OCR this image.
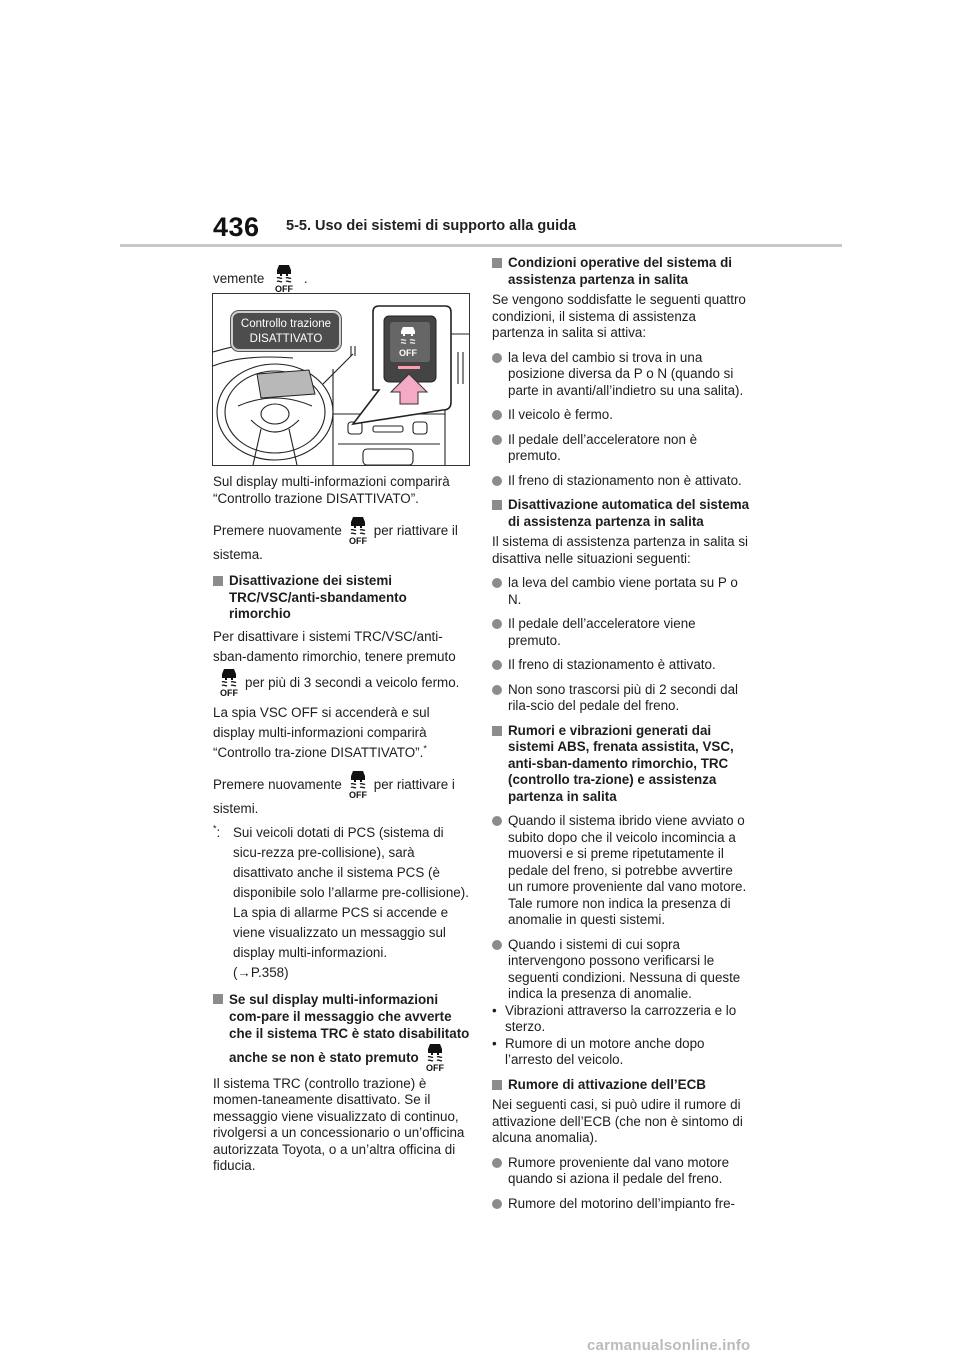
436 5-5. Uso dei sistemi di supporto alla guida

vemente
OFF
.

OFF
Controllo trazione
DISATTIVATO

Sul display multi-informazioni comparirà “Controllo trazione DISATTIVATO”.

Premere nuovamente
OFF
per riattivare il sistema.

Disattivazione dei sistemi TRC/VSC/anti-sbandamento rimorchio

Per disattivare i sistemi TRC/VSC/anti-sban-damento rimorchio, tenere premuto
OFF
per più di 3 secondi a veicolo fermo.

La spia VSC OFF si accenderà e sul display multi-informazioni comparirà “Controllo tra-zione DISATTIVATO”.*

Premere nuovamente
OFF
per riattivare i sistemi.

*: Sui veicoli dotati di PCS (sistema di sicu-rezza pre-collisione), sarà disattivato anche il sistema PCS (è disponibile solo l’allarme pre-collisione). La spia di allarme PCS si accende e viene visualizzato un messaggio sul display multi-informazioni.
(→P.358)
Se sul display multi-informazioni com-pare il messaggio che avverte che il sistema TRC è stato disabilitato anche se non è stato premuto
OFF

Il sistema TRC (controllo trazione) è momen-taneamente disattivato. Se il messaggio viene visualizzato di continuo, rivolgersi a un concessionario o un’officina autorizzata Toyota, o a un’altra officina di fiducia.

Condizioni operative del sistema di assistenza partenza in salita

Se vengono soddisfatte le seguenti quattro condizioni, il sistema di assistenza partenza in salita si attiva:

la leva del cambio si trova in una posizione diversa da P o N (quando si parte in avanti/all’indietro su una salita).
Il veicolo è fermo.
Il pedale dell’acceleratore non è premuto.
Il freno di stazionamento non è attivato.
Disattivazione automatica del sistema di assistenza partenza in salita

Il sistema di assistenza partenza in salita si disattiva nelle situazioni seguenti:

la leva del cambio viene portata su P o N.
Il pedale dell’acceleratore viene premuto.
Il freno di stazionamento è attivato.
Non sono trascorsi più di 2 secondi dal rila-scio del pedale del freno.
Rumori e vibrazioni generati dai sistemi ABS, frenata assistita, VSC, anti-sban-damento rimorchio, TRC (controllo tra-zione) e assistenza partenza in salita
Quando il sistema ibrido viene avviato o subito dopo che il veicolo incomincia a muoversi e si preme ripetutamente il pedale del freno, si potrebbe avvertire un rumore proveniente dal vano motore. Tale rumore non indica la presenza di anomalie in questi sistemi.
Quando i sistemi di cui sopra intervengono possono verificarsi le seguenti condizioni. Nessuna di queste indica la presenza di anomalie.
• Vibrazioni attraverso la carrozzeria e lo sterzo.
• Rumore di un motore anche dopo l’arresto del veicolo.
Rumore di attivazione dell’ECB

Nei seguenti casi, si può udire il rumore di attivazione dell’ECB (che non è sintomo di alcuna anomalia).

Rumore proveniente dal vano motore quando si aziona il pedale del freno.
Rumore del motorino dell’impianto fre-
carmanualsonline.info
